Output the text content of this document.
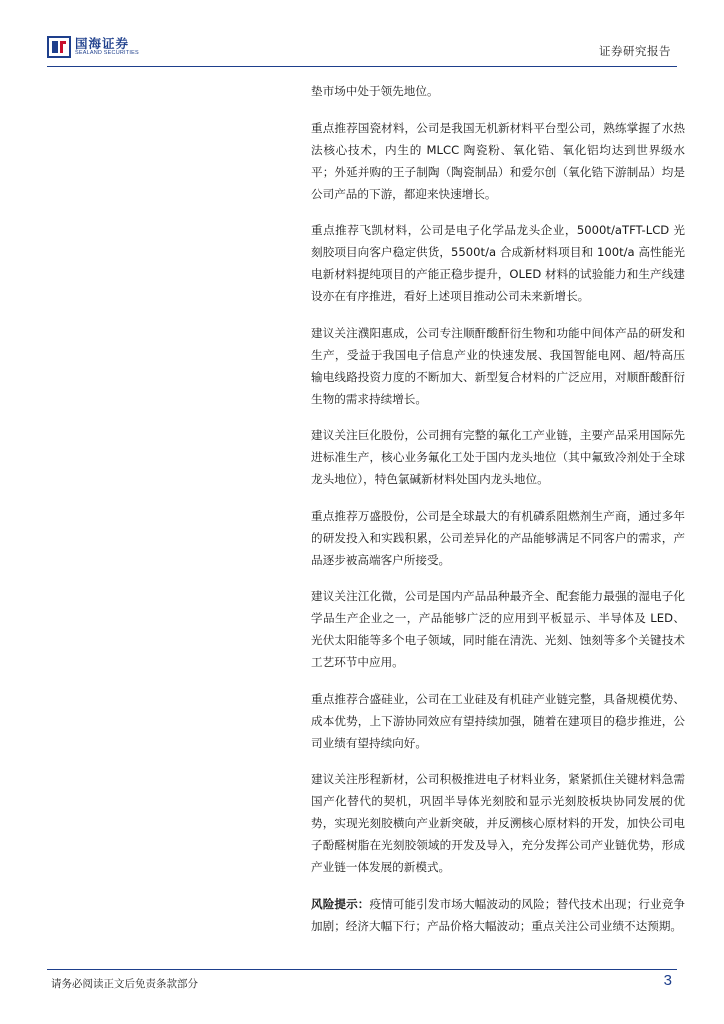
国海证券
SEALAND SECURITIES	证券研究报告

垫市场中处于领先地位。

重点推荐国瓷材料，公司是我国无机新材料平台型公司，熟练掌握了水热法核心技术，内生的 MLCC 陶瓷粉、氧化锆、氧化铝均达到世界级水平；外延并购的王子制陶（陶瓷制品）和爱尔创（氧化锆下游制品）均是公司产品的下游，都迎来快速增长。

重点推荐飞凯材料，公司是电子化学品龙头企业，5000t/aTFT-LCD 光刻胶项目向客户稳定供货，5500t/a 合成新材料项目和 100t/a 高性能光电新材料提纯项目的产能正稳步提升，OLED 材料的试验能力和生产线建设亦在有序推进，看好上述项目推动公司未来新增长。

建议关注濮阳惠成，公司专注顺酐酸酐衍生物和功能中间体产品的研发和生产，受益于我国电子信息产业的快速发展、我国智能电网、超/特高压输电线路投资力度的不断加大、新型复合材料的广泛应用，对顺酐酸酐衍生物的需求持续增长。

建议关注巨化股份，公司拥有完整的氟化工产业链，主要产品采用国际先进标准生产，核心业务氟化工处于国内龙头地位（其中氟致冷剂处于全球龙头地位），特色氯碱新材料处国内龙头地位。

重点推荐万盛股份，公司是全球最大的有机磷系阻燃剂生产商，通过多年的研发投入和实践积累，公司差异化的产品能够满足不同客户的需求，产品逐步被高端客户所接受。

建议关注江化微，公司是国内产品品种最齐全、配套能力最强的湿电子化学品生产企业之一，产品能够广泛的应用到平板显示、半导体及 LED、光伏太阳能等多个电子领域，同时能在清洗、光刻、蚀刻等多个关键技术工艺环节中应用。

重点推荐合盛硅业，公司在工业硅及有机硅产业链完整，具备规模优势、成本优势，上下游协同效应有望持续加强，随着在建项目的稳步推进，公司业绩有望持续向好。

建议关注彤程新材，公司积极推进电子材料业务，紧紧抓住关键材料急需国产化替代的契机，巩固半导体光刻胶和显示光刻胶板块协同发展的优势，实现光刻胶横向产业新突破，并反溯核心原材料的开发，加快公司电子酚醛树脂在光刻胶领域的开发及导入，充分发挥公司产业链优势，形成产业链一体发展的新模式。

风险提示：疫情可能引发市场大幅波动的风险；替代技术出现；行业竞争加剧；经济大幅下行；产品价格大幅波动；重点关注公司业绩不达预期。

请务必阅读正文后免责条款部分	3
